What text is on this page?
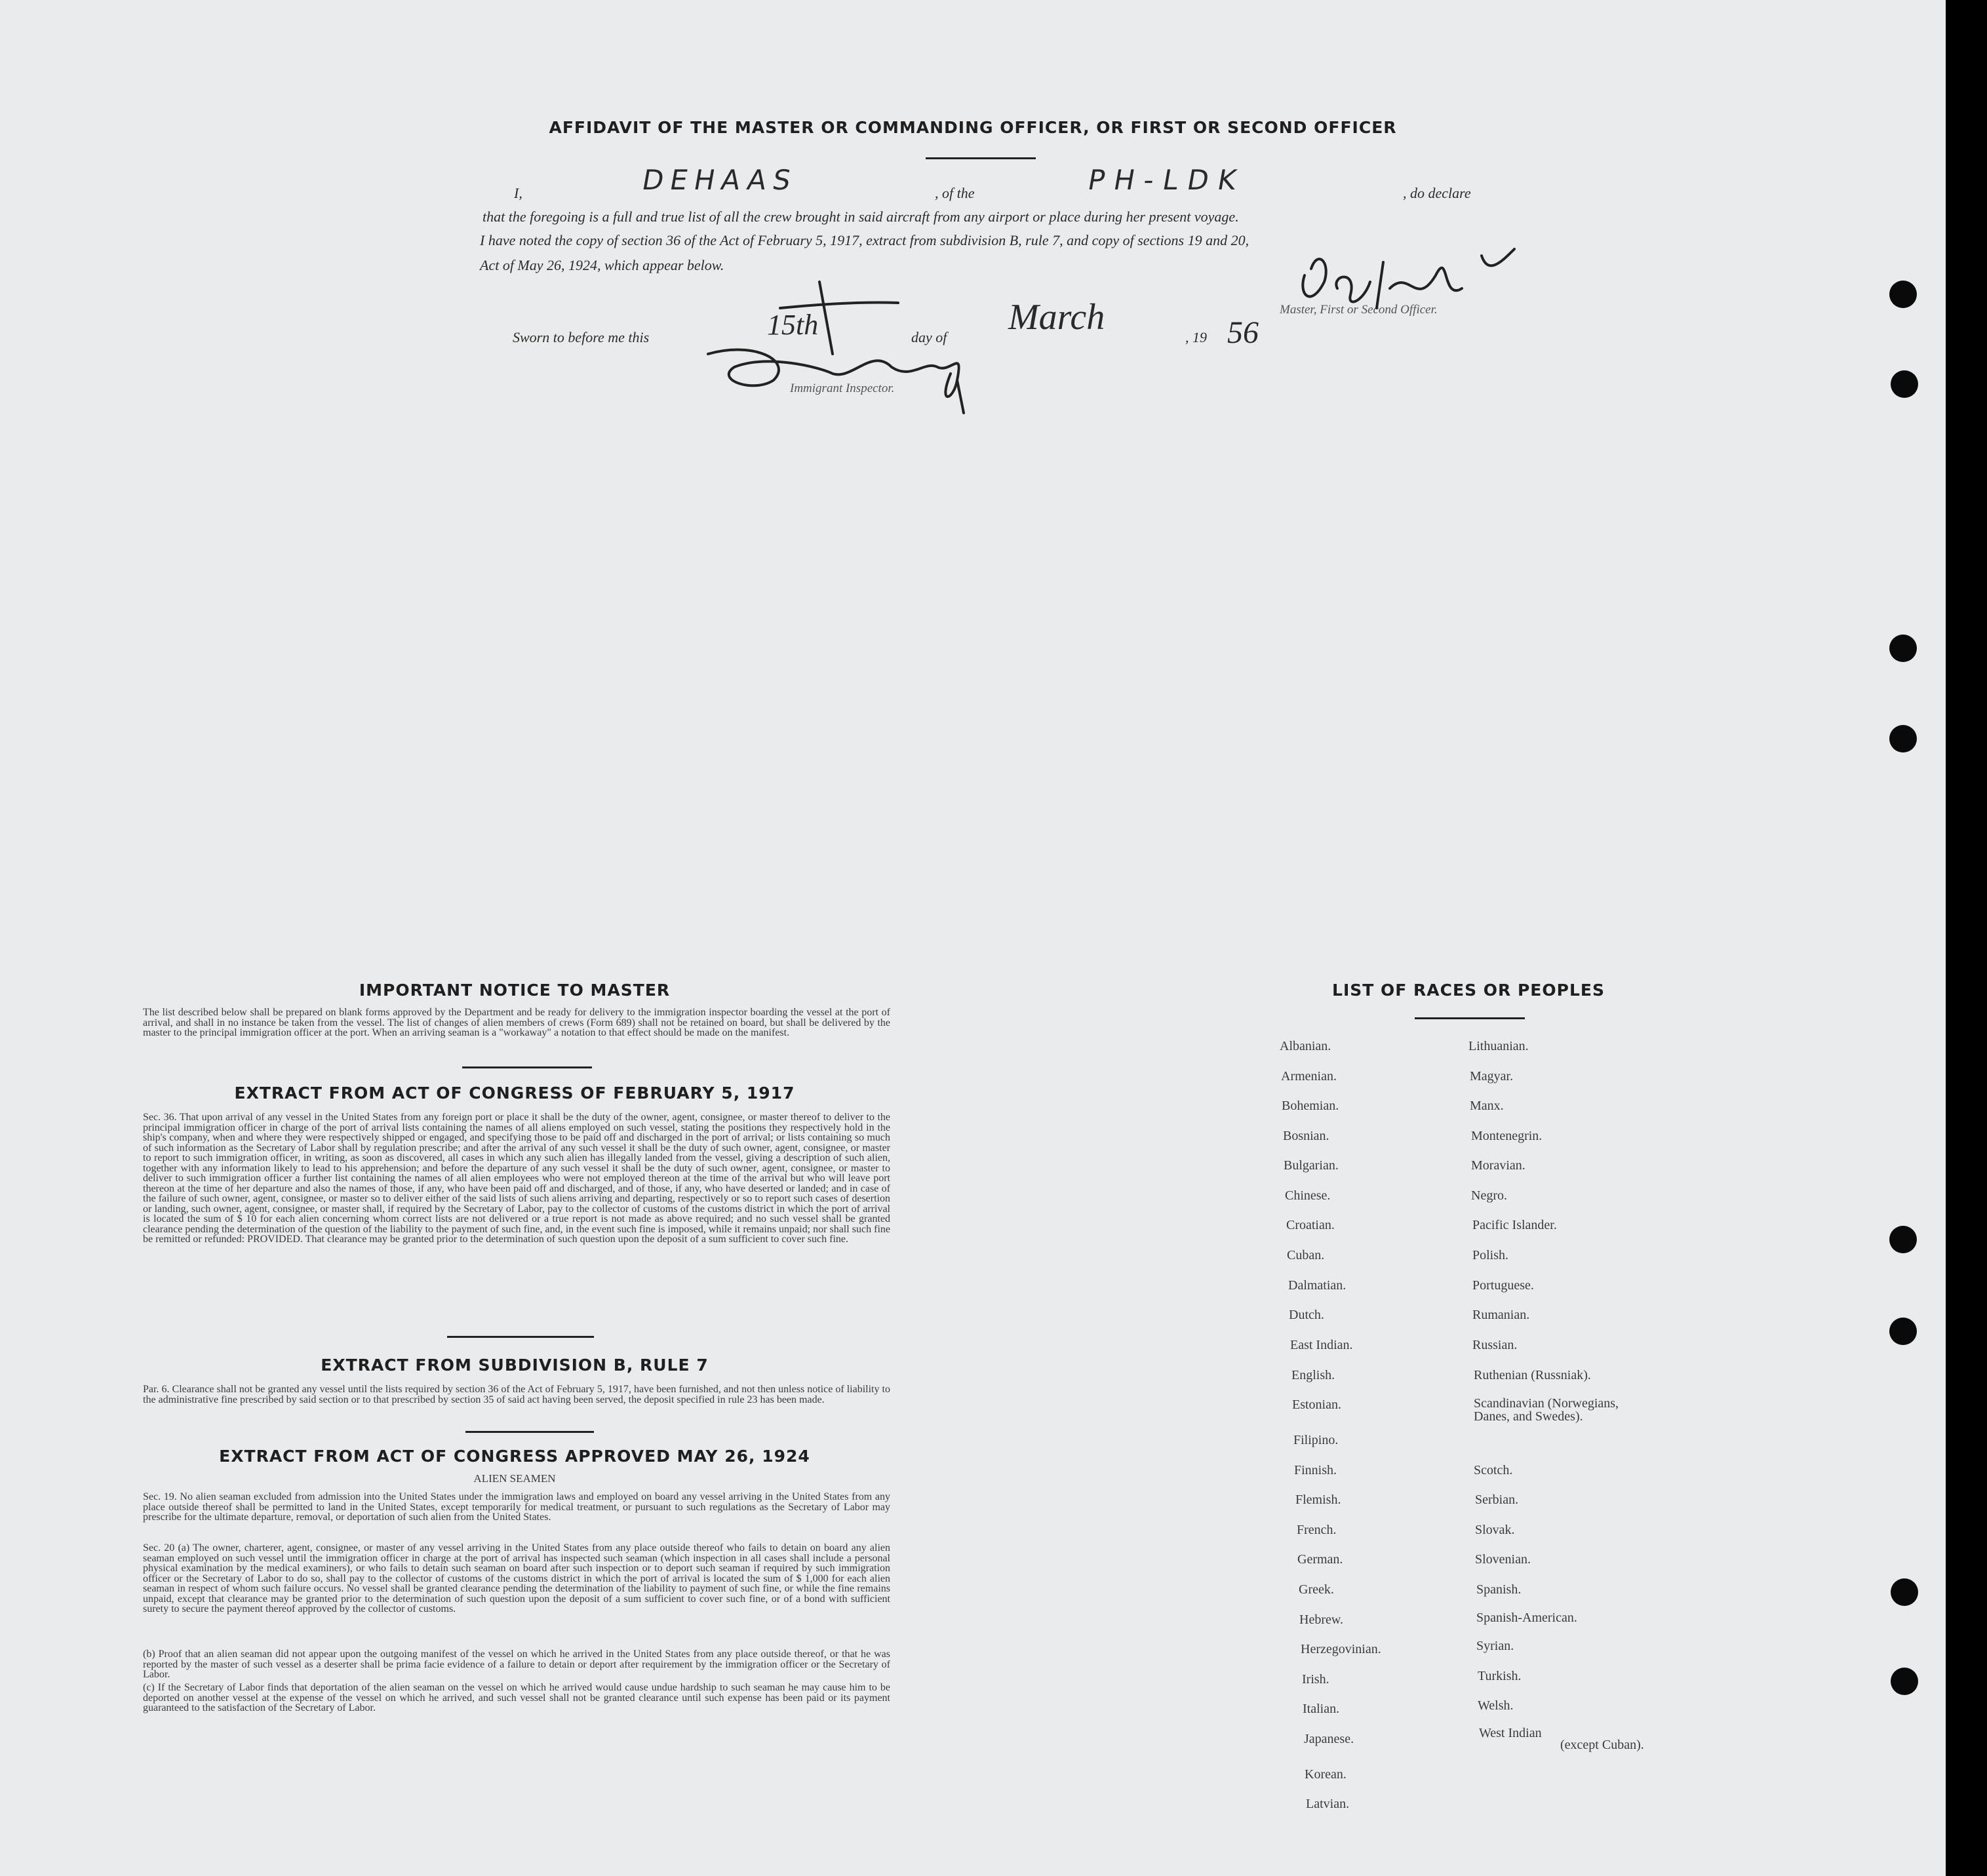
AFFIDAVIT OF THE MASTER OR COMMANDING OFFICER, OR FIRST OR SECOND OFFICER
I,	DEHAAS	, of the	PH-LDK	, do declare
that the foregoing is a full and true list of all the crew brought in said aircraft from any airport or place during her present voyage.
I have noted the copy of section 36 of the Act of February 5, 1917, extract from subdivision B, rule 7, and copy of sections 19 and 20,
Act of May 26, 1924, which appear below.
Master, First or Second Officer.
Sworn to before me this	15th	day of March	, 19 56
Immigrant Inspector.
IMPORTANT NOTICE TO MASTER
The list described below shall be prepared on blank forms approved by the Department and be ready for delivery to the immigration inspector boarding the vessel at the port of arrival, and shall in no instance be taken from the vessel. The list of changes of alien members of crews (Form 689) shall not be retained on board, but shall be delivered by the master to the principal immigration officer at the port. When an arriving seaman is a "workaway" a notation to that effect should be made on the manifest.
EXTRACT FROM ACT OF CONGRESS OF FEBRUARY 5, 1917
Sec. 36. That upon arrival of any vessel in the United States from any foreign port or place it shall be the duty of the owner, agent, consignee, or master thereof to deliver to the principal immigration officer in charge of the port of arrival lists containing the names of all aliens employed on such vessel, stating the positions they respectively hold in the ship's company, when and where they were respectively shipped or engaged, and specifying those to be paid off and discharged in the port of arrival; or lists containing so much of such information as the Secretary of Labor shall by regulation prescribe; and after the arrival of any such vessel it shall be the duty of such owner, agent, consignee, or master to report to such immigration officer, in writing, as soon as discovered, all cases in which any such alien has illegally landed from the vessel, giving a description of such alien, together with any information likely to lead to his apprehension; and before the departure of any such vessel it shall be the duty of such owner, agent, consignee, or master to deliver to such immigration officer a further list containing the names of all alien employees who were not employed thereon at the time of the arrival but who will leave port thereon at the time of her departure and also the names of those, if any, who have been paid off and discharged, and of those, if any, who have deserted or landed; and in case of the failure of such owner, agent, consignee, or master so to deliver either of the said lists of such aliens arriving and departing, respectively or so to report such cases of desertion or landing, such owner, agent, consignee, or master shall, if required by the Secretary of Labor, pay to the collector of customs of the customs district in which the port of arrival is located the sum of $ 10 for each alien concerning whom correct lists are not delivered or a true report is not made as above required; and no such vessel shall be granted clearance pending the determination of the question of the liability to the payment of such fine, and, in the event such fine is imposed, while it remains unpaid; nor shall such fine be remitted or refunded: PROVIDED. That clearance may be granted prior to the determination of such question upon the deposit of a sum sufficient to cover such fine.
EXTRACT FROM SUBDIVISION B, RULE 7
Par. 6. Clearance shall not be granted any vessel until the lists required by section 36 of the Act of February 5, 1917, have been furnished, and not then unless notice of liability to the administrative fine prescribed by said section or to that prescribed by section 35 of said act having been served, the deposit specified in rule 23 has been made.
EXTRACT FROM ACT OF CONGRESS APPROVED MAY 26, 1924
ALIEN SEAMEN
Sec. 19. No alien seaman excluded from admission into the United States under the immigration laws and employed on board any vessel arriving in the United States from any place outside thereof shall be permitted to land in the United States, except temporarily for medical treatment, or pursuant to such regulations as the Secretary of Labor may prescribe for the ultimate departure, removal, or deportation of such alien from the United States.
Sec. 20 (a) The owner, charterer, agent, consignee, or master of any vessel arriving in the United States from any place outside thereof who fails to detain on board any alien seaman employed on such vessel until the immigration officer in charge at the port of arrival has inspected such seaman (which inspection in all cases shall include a personal physical examination by the medical examiners), or who fails to detain such seaman on board after such inspection or to deport such seaman if required by such immigration officer or the Secretary of Labor to do so, shall pay to the collector of customs of the customs district in which the port of arrival is located the sum of $ 1,000 for each alien seaman in respect of whom such failure occurs. No vessel shall be granted clearance pending the determination of the liability to payment of such fine, or while the fine remains unpaid, except that clearance may be granted prior to the determination of such question upon the deposit of a sum sufficient to cover such fine, or of a bond with sufficient surety to secure the payment thereof approved by the collector of customs.
(b) Proof that an alien seaman did not appear upon the outgoing manifest of the vessel on which he arrived in the United States from any place outside thereof, or that he was reported by the master of such vessel as a deserter shall be prima facie evidence of a failure to detain or deport after requirement by the immigration officer or the Secretary of Labor.
(c) If the Secretary of Labor finds that deportation of the alien seaman on the vessel on which he arrived would cause undue hardship to such seaman he may cause him to be deported on another vessel at the expense of the vessel on which he arrived, and such vessel shall not be granted clearance until such expense has been paid or its payment guaranteed to the satisfaction of the Secretary of Labor.
LIST OF RACES OR PEOPLES
Danes, and Swedes).
(except Cuban).
Albanian.
Armenian.
Bohemian.
Bosnian.
Bulgarian.
Chinese.
Croatian.
Cuban.
Dalmatian.
Dutch.
East Indian.
English.
Estonian.
Filipino.
Finnish.
Flemish.
French.
German.
Greek.
Hebrew.
Herzegovinian.
Irish.
Italian.
Japanese.
Korean.
Latvian.
Lithuanian.
Magyar.
Manx.
Montenegrin.
Moravian.
Negro.
Pacific Islander.
Polish.
Portuguese.
Rumanian.
Russian.
Ruthenian (Russniak).
Scandinavian (Norwegians,
Scotch.
Serbian.
Slovak.
Slovenian.
Spanish.
Spanish-American.
Syrian.
Turkish.
Welsh.
West Indian
